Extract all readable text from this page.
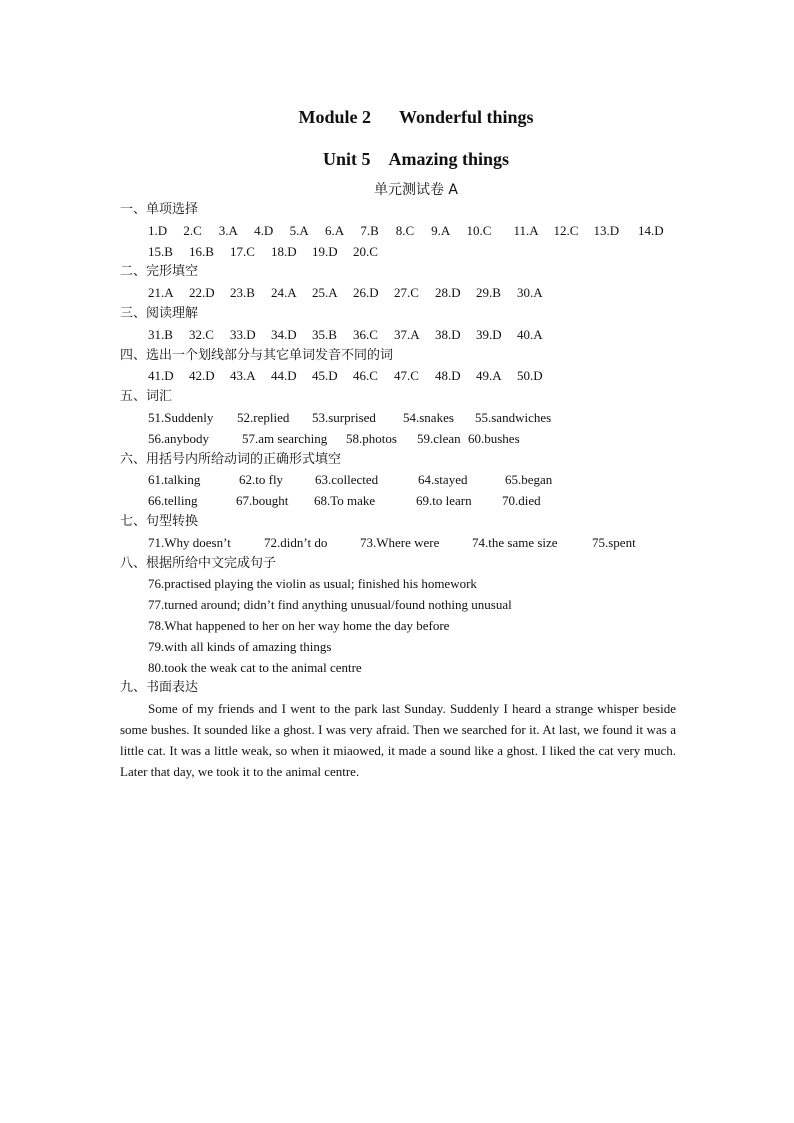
Module 2 Wonderful things
Unit 5 Amazing things
单元测试卷 A
一、单项选择
1.D 2.C 3.A 4.D 5.A 6.A 7.B 8.C 9.A 10.C 11.A 12.C 13.D 14.D
15.B 16.B 17.C 18.D 19.D 20.C
二、完形填空
21.A 22.D 23.B 24.A 25.A 26.D 27.C 28.D 29.B 30.A
三、阅读理解
31.B 32.C 33.D 34.D 35.B 36.C 37.A 38.D 39.D 40.A
四、选出一个划线部分与其它单词发音不同的词
41.D 42.D 43.A 44.D 45.D 46.C 47.C 48.D 49.A 50.D
五、词汇
51.Suddenly 52.replied 53.surprised 54.snakes 55.sandwiches
56.anybody	57.am searching 58.photos 59.clean 60.bushes
六、用括号内所给动词的正确形式填空
61.talking	62.to fly 63.collected	64.stayed	65.began
66.telling	67.bought 68.To make	69.to learn 70.died
七、句型转换
71.Why doesn’t	72.didn’t do	73.Where were	74.the same size	75.spent
八、根据所给中文完成句子
76.practised playing the violin as usual; finished his homework
77.turned around; didn’t find anything unusual/found nothing unusual
78.What happened to her on her way home the day before
79.with all kinds of amazing things
80.took the weak cat to the animal centre
九、书面表达
Some of my friends and I went to the park last Sunday. Suddenly I heard a strange whisper beside some bushes. It sounded like a ghost. I was very afraid. Then we searched for it. At last, we found it was a little cat. It was a little weak, so when it miaowed, it made a sound like a ghost. I liked the cat very much. Later that day, we took it to the animal centre.
